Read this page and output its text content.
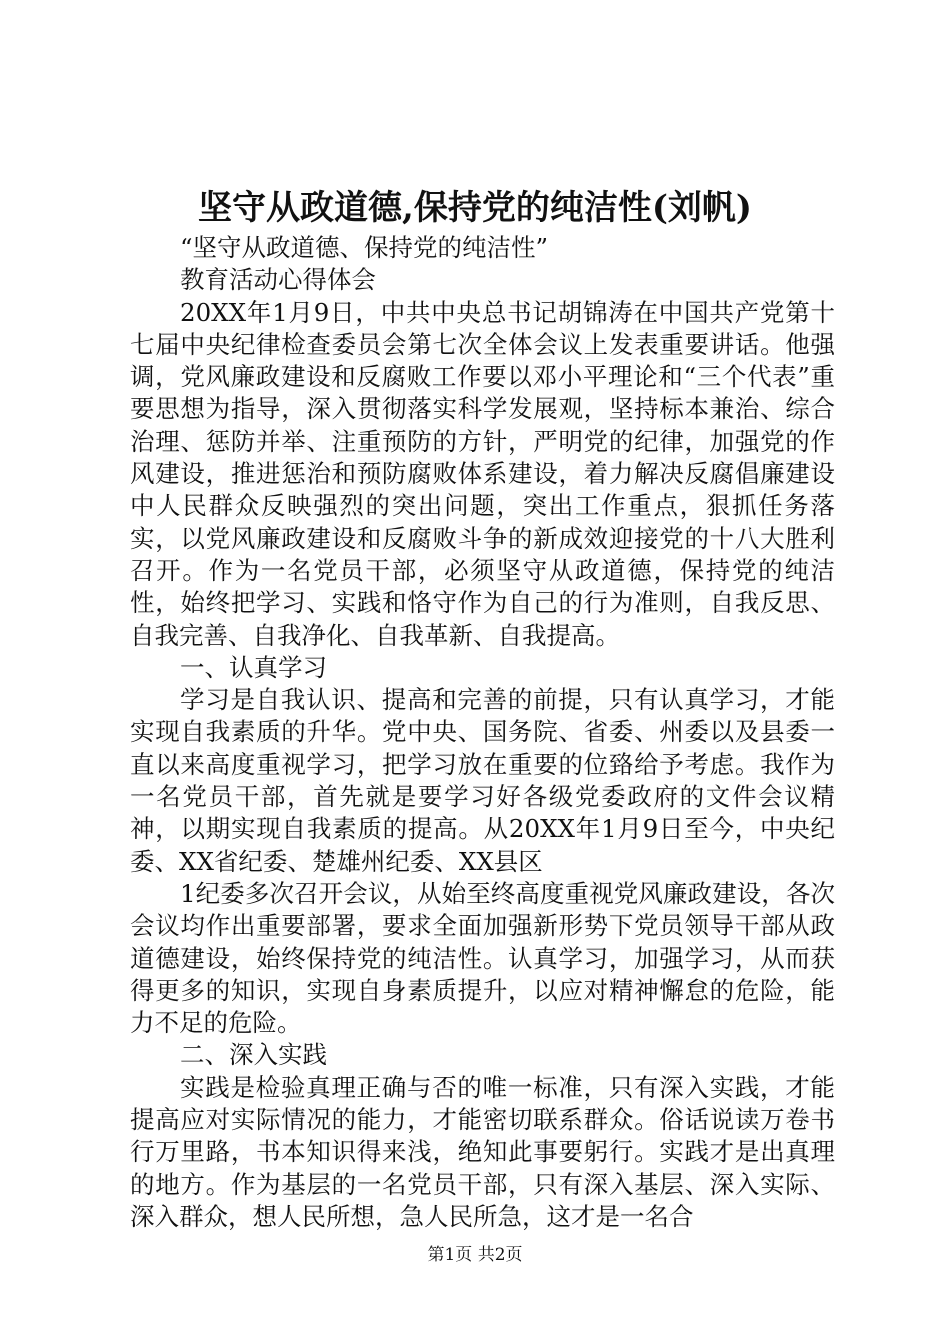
坚守从政道德,保持党的纯洁性(刘帆)

“坚守从政道德、保持党的纯洁性”

教育活动心得体会

20XX年1月9日，中共中央总书记胡锦涛在中国共产党第十七届中央纪律检查委员会第七次全体会议上发表重要讲话。他强调，党风廉政建设和反腐败工作要以邓小平理论和“三个代表”重要思想为指导，深入贯彻落实科学发展观，坚持标本兼治、综合治理、惩防并举、注重预防的方针，严明党的纪律，加强党的作风建设，推进惩治和预防腐败体系建设，着力解决反腐倡廉建设中人民群众反映强烈的突出问题，突出工作重点，狠抓任务落实，以党风廉政建设和反腐败斗争的新成效迎接党的十八大胜利召开。作为一名党员干部，必须坚守从政道德，保持党的纯洁性，始终把学习、实践和恪守作为自己的行为准则，自我反思、自我完善、自我净化、自我革新、自我提高。

一、认真学习

学习是自我认识、提高和完善的前提，只有认真学习，才能实现自我素质的升华。党中央、国务院、省委、州委以及县委一直以来高度重视学习，把学习放在重要的位臵给予考虑。我作为一名党员干部，首先就是要学习好各级党委政府的文件会议精神，以期实现自我素质的提高。从20XX年1月9日至今，中央纪委、XX省纪委、楚雄州纪委、XX县区

1纪委多次召开会议，从始至终高度重视党风廉政建设，各次会议均作出重要部署，要求全面加强新形势下党员领导干部从政道德建设，始终保持党的纯洁性。认真学习，加强学习，从而获得更多的知识，实现自身素质提升，以应对精神懈怠的危险，能力不足的危险。

二、深入实践

实践是检验真理正确与否的唯一标准，只有深入实践，才能提高应对实际情况的能力，才能密切联系群众。俗话说读万卷书行万里路，书本知识得来浅，绝知此事要躬行。实践才是出真理的地方。作为基层的一名党员干部，只有深入基层、深入实际、深入群众，想人民所想，急人民所急，这才是一名合

第1页 共2页
